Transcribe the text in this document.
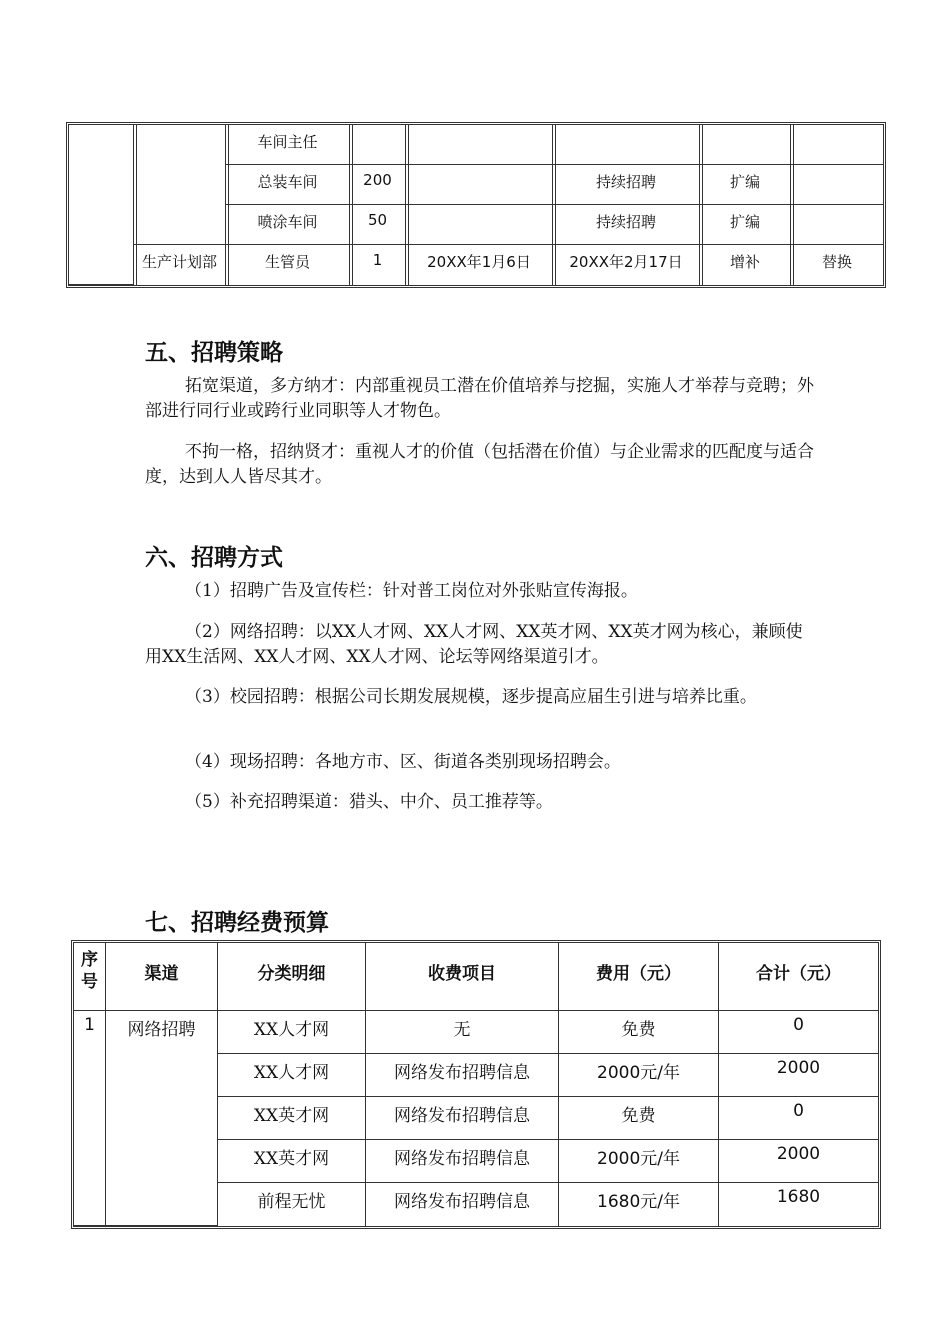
		车间主任					
		总装车间	200		持续招聘	扩编	
		喷涂车间	50		持续招聘	扩编	
	生产计划部	生管员	1	20XX年1月6日	20XX年2月17日	增补	替换
五、招聘策略

拓宽渠道，多方纳才：内部重视员工潜在价值培养与挖掘，实施人才举荐与竞聘；外部进行同行业或跨行业同职等人才物色。

不拘一格，招纳贤才：重视人才的价值（包括潜在价值）与企业需求的匹配度与适合度，达到人人皆尽其才。

六、招聘方式

（1）招聘广告及宣传栏：针对普工岗位对外张贴宣传海报。

（2）网络招聘：以XX人才网、XX人才网、XX英才网、XX英才网为核心，兼顾使用XX生活网、XX人才网、XX人才网、论坛等网络渠道引才。

（3）校园招聘：根据公司长期发展规模，逐步提高应届生引进与培养比重。

（4）现场招聘：各地方市、区、街道各类别现场招聘会。

（5）补充招聘渠道：猎头、中介、员工推荐等。

七、招聘经费预算
序号	渠道	分类明细	收费项目	费用（元）	合计（元）
1	网络招聘	XX人才网	无	免费	0
		XX人才网	网络发布招聘信息	2000元/年	2000
		XX英才网	网络发布招聘信息	免费	0
		XX英才网	网络发布招聘信息	2000元/年	2000
		前程无忧	网络发布招聘信息	1680元/年	1680
